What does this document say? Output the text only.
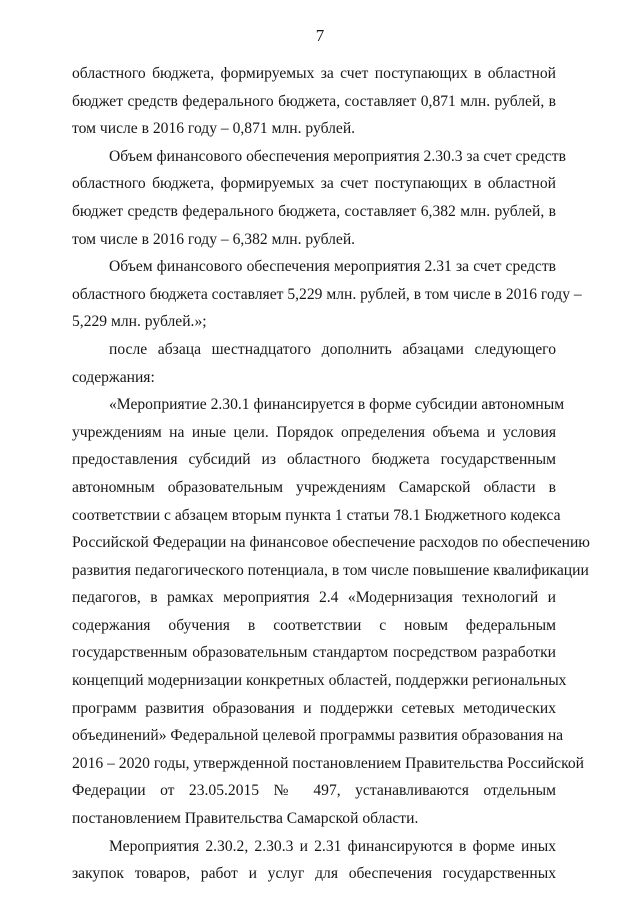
7

областного бюджета, формируемых за счет поступающих в областной
бюджет средств федерального бюджета, составляет 0,871 млн. рублей, в
том числе в 2016 году – 0,871 млн. рублей.

Объем финансового обеспечения мероприятия 2.30.3 за счет средств
областного бюджета, формируемых за счет поступающих в областной
бюджет средств федерального бюджета, составляет 6,382 млн. рублей, в
том числе в 2016 году – 6,382 млн. рублей.

Объем финансового обеспечения мероприятия 2.31 за счет средств
областного бюджета составляет 5,229 млн. рублей, в том числе в 2016 году –
5,229 млн. рублей.»;

после абзаца шестнадцатого дополнить абзацами следующего
содержания:

«Мероприятие 2.30.1 финансируется в форме субсидии автономным
учреждениям на иные цели. Порядок определения объема и условия
предоставления субсидий из областного бюджета государственным
автономным образовательным учреждениям Самарской области в
соответствии с абзацем вторым пункта 1 статьи 78.1 Бюджетного кодекса
Российской Федерации на финансовое обеспечение расходов по обеспечению
развития педагогического потенциала, в том числе повышение квалификации
педагогов, в рамках мероприятия 2.4 «Модернизация технологий и
содержания обучения в соответствии с новым федеральным
государственным образовательным стандартом посредством разработки
концепций модернизации конкретных областей, поддержки региональных
программ развития образования и поддержки сетевых методических
объединений» Федеральной целевой программы развития образования на
2016 – 2020 годы, утвержденной постановлением Правительства Российской
Федерации от 23.05.2015 № 497, устанавливаются отдельным
постановлением Правительства Самарской области.

Мероприятия 2.30.2, 2.30.3 и 2.31 финансируются в форме иных
закупок товаров, работ и услуг для обеспечения государственных
